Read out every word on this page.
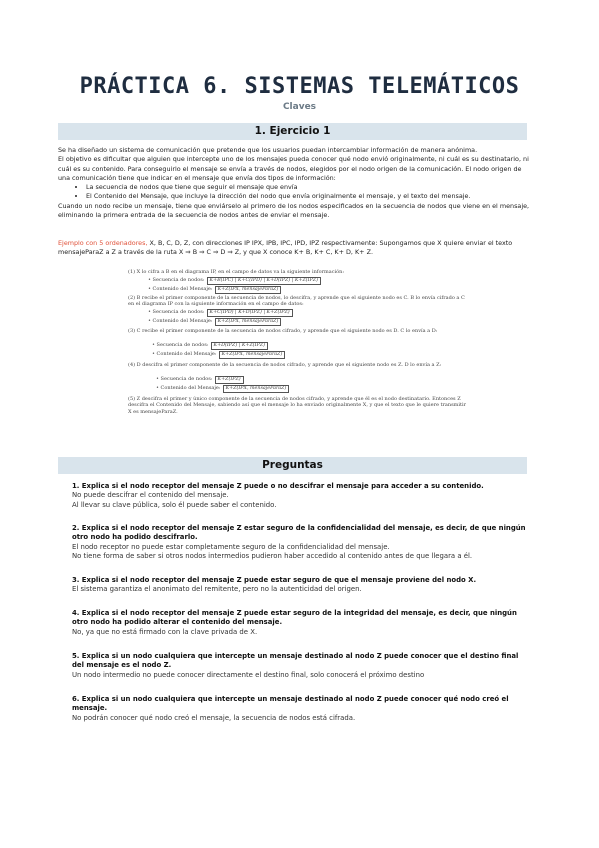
PRÁCTICA 6. SISTEMAS TELEMÁTICOS
Claves
1. Ejercicio 1

Se ha diseñado un sistema de comunicación que pretende que los usuarios puedan intercambiar información de manera anónima.

El objetivo es dificultar que alguien que intercepte uno de los mensajes pueda conocer qué nodo envió originalmente, ni cuál es su destinatario, ni cuál es su contenido. Para conseguirlo el mensaje se envía a través de nodos, elegidos por el nodo origen de la comunicación. El nodo origen de una comunicación tiene que indicar en el mensaje que envía dos tipos de información:

• La secuencia de nodos que tiene que seguir el mensaje que envía
• El Contenido del Mensaje, que incluye la dirección del nodo que envía originalmente el mensaje, y el texto del mensaje.

Cuando un nodo recibe un mensaje, tiene que enviárselo al primero de los nodos especificados en la secuencia de nodos que viene en el mensaje, eliminando la primera entrada de la secuencia de nodos antes de enviar el mensaje.

Ejemplo con 5 ordenadores, X, B, C, D, Z, con direcciones IP IPX, IPB, IPC, IPD, IPZ respectivamente: Supongamos que X quiere enviar el texto mensajeParaZ a Z a través de la ruta X ⇒ B ⇒ C ⇒ D ⇒ Z, y que X conoce K+ B, K+ C, K+ D, K+ Z.
(1) X lo cifra a B en el diagrama IP, en el campo de datos va la siguiente información:
• Secuencia de nodos: K+B(IPC) | K+C(IPD) | K+D(IPZ) | K+Z(IPZ)
• Contenido del Mensaje: K+Z(IPX, mensajeParaZ)
(2) B recibe el primer componente de la secuencia de nodos, lo descifra, y aprende que el siguiente nodo es C. B lo envía cifrado a C en el diagrama IP con la siguiente información en el campo de datos:
• Secuencia de nodos: K+C(IPD) | K+D(IPZ) | K+Z(IPZ)
• Contenido del Mensaje: K+Z(IPX, mensajeParaZ)
(3) C recibe el primer componente de la secuencia de nodos cifrado, y aprende que el siguiente nodo es D. C lo envía a D:
• Secuencia de nodos: K+D(IPZ) | K+Z(IPZ)
• Contenido del Mensaje: K+Z(IPX, mensajeParaZ)
(4) D descifra el primer componente de la secuencia de nodos cifrado, y aprende que el siguiente nodo es Z. D lo envía a Z:
• Secuencia de nodos: K+Z(IPZ)
• Contenido del Mensaje: K+Z(IPX, mensajeParaZ)
(5) Z descifra el primer y único componente de la secuencia de nodos cifrado, y aprende que él es el nodo destinatario. Entonces Z descifra el Contenido del Mensaje, sabiendo así que el mensaje lo ha enviado originalmente X, y que el texto que le quiere transmitir X es mensajeParaZ.
Preguntas
1. Explica si el nodo receptor del mensaje Z puede o no descifrar el mensaje para acceder a su contenido.
No puede descifrar el contenido del mensaje.
Al llevar su clave pública, solo él puede saber el contenido.
2. Explica si el nodo receptor del mensaje Z estar seguro de la confidencialidad del mensaje, es decir, de que ningún otro nodo ha podido descifrarlo.
El nodo receptor no puede estar completamente seguro de la confidencialidad del mensaje.
No tiene forma de saber si otros nodos intermedios pudieron haber accedido al contenido antes de que llegara a él.
3. Explica si el nodo receptor del mensaje Z puede estar seguro de que el mensaje proviene del nodo X.
El sistema garantiza el anonimato del remitente, pero no la autenticidad del origen.
4. Explica si el nodo receptor del mensaje Z puede estar seguro de la integridad del mensaje, es decir, que ningún otro nodo ha podido alterar el contenido del mensaje.
No, ya que no está firmado con la clave privada de X.
5. Explica si un nodo cualquiera que intercepte un mensaje destinado al nodo Z puede conocer que el destino final del mensaje es el nodo Z.
Un nodo intermedio no puede conocer directamente el destino final, solo conocerá el próximo destino
6. Explica si un nodo cualquiera que intercepte un mensaje destinado al nodo Z puede conocer qué nodo creó el mensaje.
No podrán conocer qué nodo creó el mensaje, la secuencia de nodos está cifrada.
